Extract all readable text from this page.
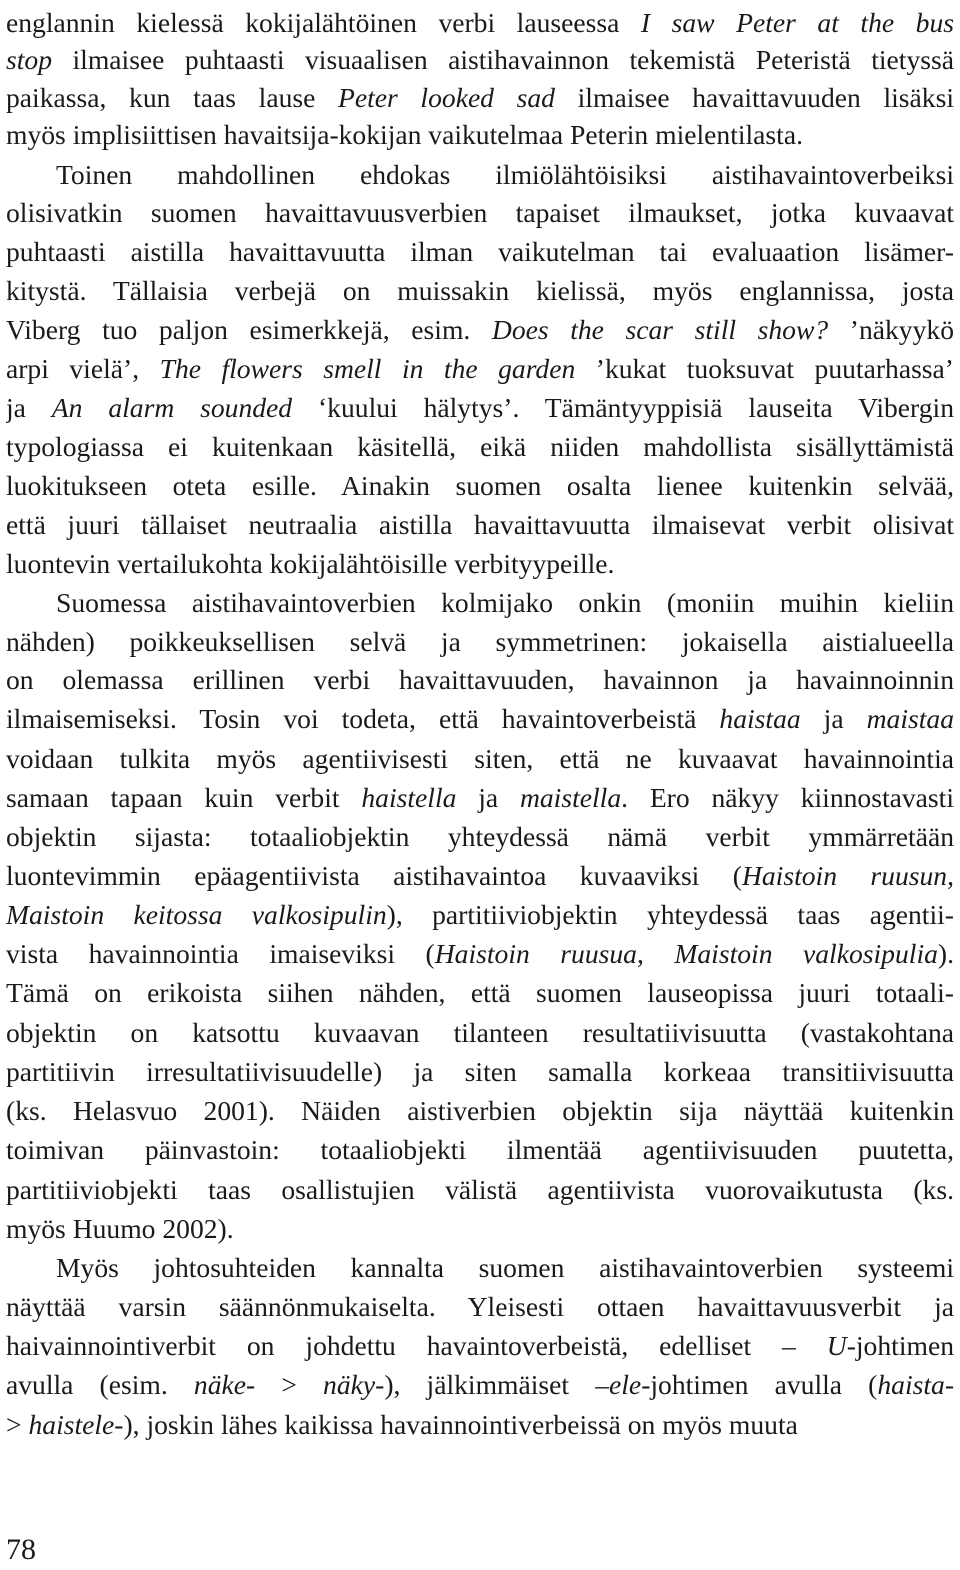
englannin kielessä kokijalähtöinen verbi lauseessa I saw Peter at the bus
stop ilmaisee puhtaasti visuaalisen aistihavainnon tekemistä Peteristä tietyssä
paikassa, kun taas lause Peter looked sad ilmaisee havaittavuuden lisäksi
myös implisiittisen havaitsija-kokijan vaikutelmaa Peterin mielentilasta.
Toinen mahdollinen ehdokas ilmiölähtöisiksi aistihavaintoverbeiksi
olisivatkin suomen havaittavuusverbien tapaiset ilmaukset, jotka kuvaavat
puhtaasti aistilla havaittavuutta ilman vaikutelman tai evaluaation lisämer-
kitystä. Tällaisia verbejä on muissakin kielissä, myös englannissa, josta
Viberg tuo paljon esimerkkejä, esim. Does the scar still show? ’näkyykö
arpi vielä’, The flowers smell in the garden ’kukat tuoksuvat puutarhassa’
ja An alarm sounded ‘kuului hälytys’. Tämäntyyppisiä lauseita Vibergin
typologiassa ei kuitenkaan käsitellä, eikä niiden mahdollista sisällyttämistä
luokitukseen oteta esille. Ainakin suomen osalta lienee kuitenkin selvää,
että juuri tällaiset neutraalia aistilla havaittavuutta ilmaisevat verbit olisivat
luontevin vertailukohta kokijalähtöisille verbityypeille.
Suomessa aistihavaintoverbien kolmijako onkin (moniin muihin kieliin
nähden) poikkeuksellisen selvä ja symmetrinen: jokaisella aistialueella
on olemassa erillinen verbi havaittavuuden, havainnon ja havainnoinnin
ilmaisemiseksi. Tosin voi todeta, että havaintoverbeistä haistaa ja maistaa
voidaan tulkita myös agentiivisesti siten, että ne kuvaavat havainnointia
samaan tapaan kuin verbit haistella ja maistella. Ero näkyy kiinnostavasti
objektin sijasta: totaaliobjektin yhteydessä nämä verbit ymmärretään
luontevimmin epäagentiivista aistihavaintoa kuvaaviksi (Haistoin ruusun,
Maistoin keitossa valkosipulin), partitiiviobjektin yhteydessä taas agentii-
vista havainnointia imaiseviksi (Haistoin ruusua, Maistoin valkosipulia).
Tämä on erikoista siihen nähden, että suomen lauseopissa juuri totaali-
objektin on katsottu kuvaavan tilanteen resultatiivisuutta (vastakohtana
partitiivin irresultatiivisuudelle) ja siten samalla korkeaa transitiivisuutta
(ks. Helasvuo 2001). Näiden aistiverbien objektin sija näyttää kuitenkin
toimivan päinvastoin: totaaliobjekti ilmentää agentiivisuuden puutetta,
partitiiviobjekti taas osallistujien välistä agentiivista vuorovaikutusta (ks.
myös Huumo 2002).
Myös johtosuhteiden kannalta suomen aistihavaintoverbien systeemi
näyttää varsin säännönmukaiselta. Yleisesti ottaen havaittavuusverbit ja
haivainnointiverbit on johdettu havaintoverbeistä, edelliset – U-johtimen
avulla (esim. näke- > näky-), jälkimmäiset –ele-johtimen avulla (haista-
> haistele-), joskin lähes kaikissa havainnointiverbeissä on myös muuta
78
